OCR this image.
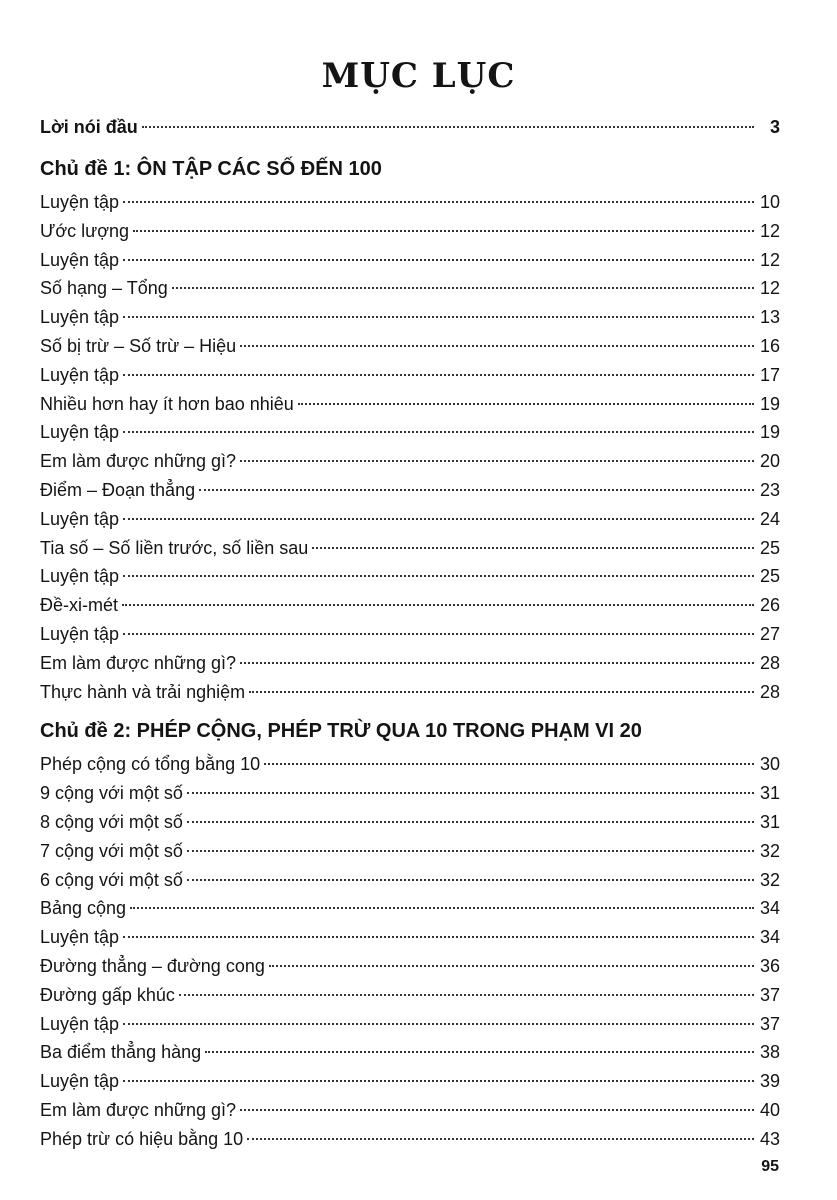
MỤC LỤC
Lời nói đầu	3
Chủ đề 1: ÔN TẬP CÁC SỐ ĐẾN 100
Luyện tập	10
Ước lượng	12
Luyện tập	12
Số hạng – Tổng	12
Luyện tập	13
Số bị trừ – Số trừ – Hiệu	16
Luyện tập	17
Nhiều hơn hay ít hơn bao nhiêu	19
Luyện tập	19
Em làm được những gì?	20
Điểm – Đoạn thẳng	23
Luyện tập	24
Tia số – Số liền trước, số liền sau	25
Luyện tập	25
Đề-xi-mét	26
Luyện tập	27
Em làm được những gì?	28
Thực hành và trải nghiệm	28
Chủ đề 2: PHÉP CỘNG, PHÉP TRỪ QUA 10 TRONG PHẠM VI 20
Phép cộng có tổng bằng 10	30
9 cộng với một số	31
8 cộng với một số	31
7 cộng với một số	32
6 cộng với một số	32
Bảng cộng	34
Luyện tập	34
Đường thẳng – đường cong	36
Đường gấp khúc	37
Luyện tập	37
Ba điểm thẳng hàng	38
Luyện tập	39
Em làm được những gì?	40
Phép trừ có hiệu bằng 10	43
95
